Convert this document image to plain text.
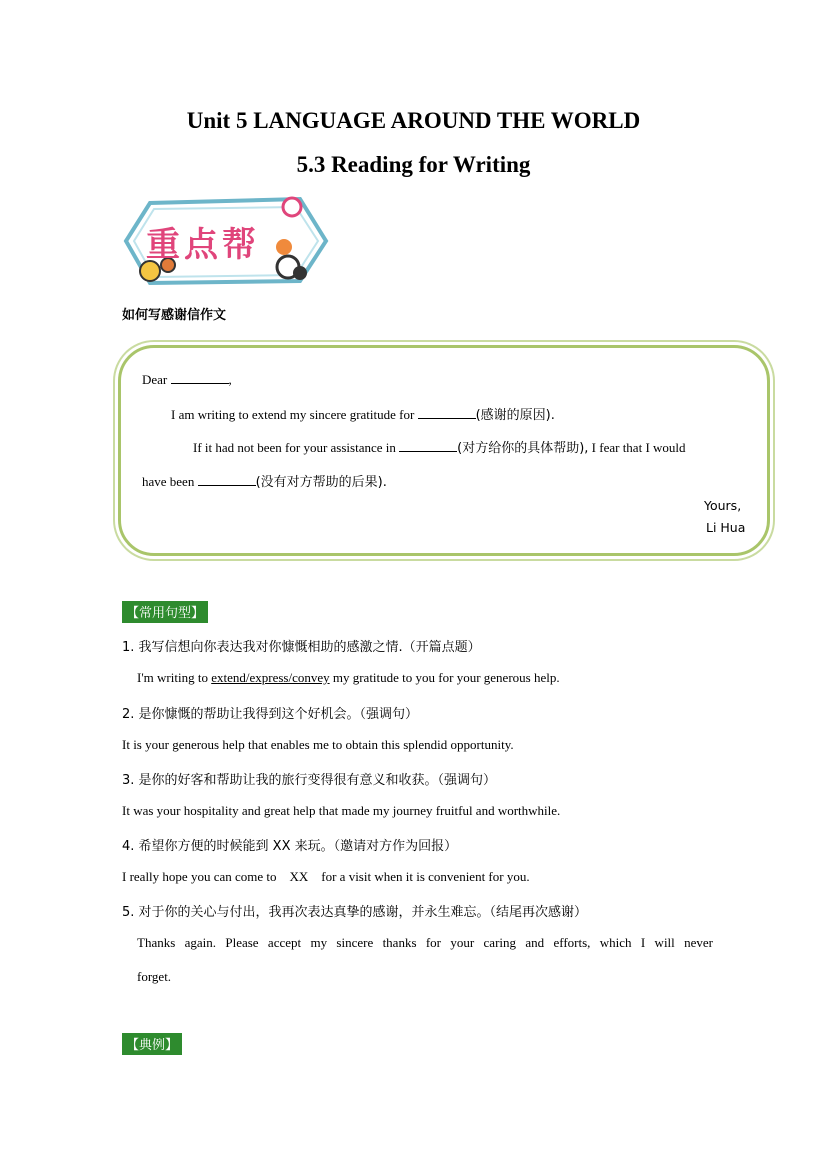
Unit 5 LANGUAGE AROUND THE WORLD
5.3 Reading for Writing
重点帮
如何写感谢信作文
Dear	,
I am writing to extend my sincere gratitude for	(感谢的原因).
If it had not been for your assistance in	(对方给你的具体帮助), I fear that I would
have been	(没有对方帮助的后果).
Yours,
Li Hua
【常用句型】
1. 我写信想向你表达我对你慷慨相助的感激之情.（开篇点题）
I'm writing to extend/express/convey my gratitude to you for your generous help.
2. 是你慷慨的帮助让我得到这个好机会。（强调句）
It is your generous help that enables me to obtain this splendid opportunity.
3. 是你的好客和帮助让我的旅行变得很有意义和收获。（强调句）
It was your hospitality and great help that made my journey fruitful and worthwhile.
4. 希望你方便的时候能到 XX 来玩。（邀请对方作为回报）
I really hope you can come to    XX    for a visit when it is convenient for you.
5. 对于你的关心与付出，我再次表达真挚的感谢，并永生难忘。（结尾再次感谢）
Thanks again. Please accept my sincere thanks for your caring and efforts, which I will never
forget.
【典例】
